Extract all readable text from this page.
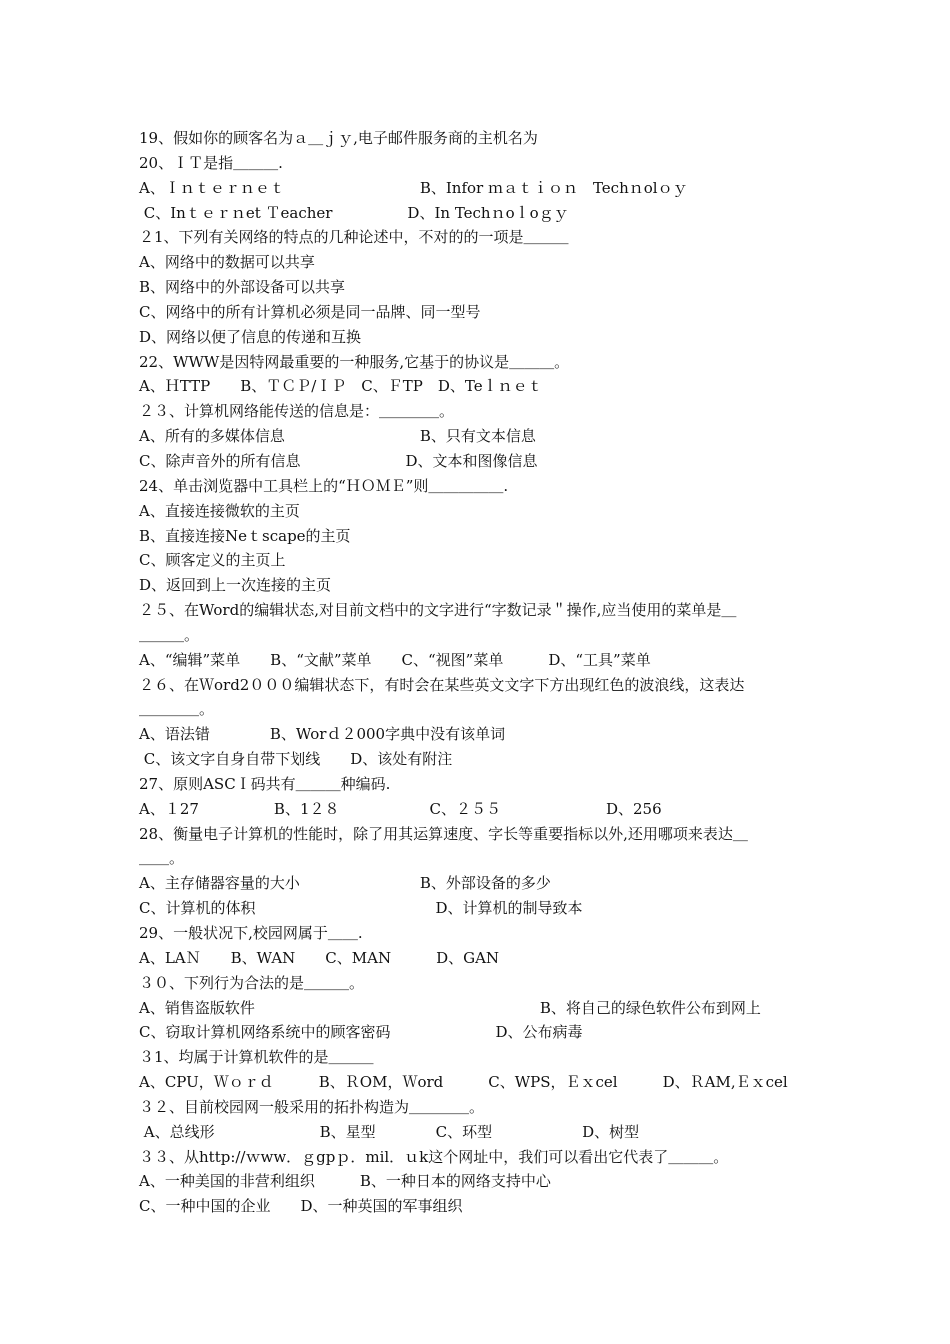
19、假如你的顾客名为ａ＿ｊｙ,电子邮件服务商的主机名为
20、ＩＴ是指＿＿＿.
A、Ｉｎｔｅｒｎｅｔ　　　　　　　　　B、Infor ｍａｔｉｏｎ　Techｎolｏｙ
C、Inｔｅｒｎet Ｔeacher　　　　　D、In Techｎoｌoｇｙ
２1、下列有关网络的特点的几种论述中，不对的的一项是＿＿＿
A、网络中的数据可以共享
B、网络中的外部设备可以共享
C、网络中的所有计算机必须是同一品牌、同一型号
D、网络以便了信息的传递和互换
22、WWW是因特网最重要的一种服务,它基于的协议是＿＿＿。
A、ＨTTP　　B、ＴＣＰ/ＩＰ　C、ＦTP　D、Teｌｎｅｔ
２３、计算机网络能传送的信息是：＿＿＿＿。
A、所有的多媒体信息　　　　　　　　　B、只有文本信息
C、除声音外的所有信息　　　　　　　D、文本和图像信息
24、单击浏览器中工具栏上的“ＨＯＭＥ”则＿＿＿＿＿.
A、直接连接微软的主页
B、直接连接Neｔscape的主页
C、顾客定义的主页上
D、返回到上一次连接的主页
２５、在Word的编辑状态,对目前文档中的文字进行“字数记录＂操作,应当使用的菜单是＿
＿＿＿。
A、“编辑”菜单　　B、“文献”菜单　　C、“视图”菜单　　　D、“工具”菜单
２６、在Ｗord2０００编辑状态下，有时会在某些英文文字下方出现红色的波浪线，这表达
＿＿＿＿。
A、语法错　　　　B、Worｄ２000字典中没有该单词
C、该文字自身自带下划线　　D、该处有附注
27、原则ASCＩ码共有＿＿＿种编码.
A、１27　　　　　B、1２８　　　　　　C、２５５　　　　　　　D、256
28、衡量电子计算机的性能时，除了用其运算速度、字长等重要指标以外,还用哪项来表达＿
＿＿。
A、主存储器容量的大小　　　　　　　　B、外部设备的多少
C、计算机的体积　　　　　　　　　　　　D、计算机的制导致本
29、一般状况下,校园网属于＿＿.
A、LAＮ　　B、WAN　　C、MAN　　　D、GAN
３０、下列行为合法的是＿＿＿。
A、销售盗版软件　　　　　　　　　　　　　　　　　　　B、将自己的绿色软件公布到网上
C、窃取计算机网络系统中的顾客密码　　　　　　　D、公布病毒
３1、均属于计算机软件的是＿＿＿
A、CPU，Ｗｏｒｄ　　　B、ＲOM，Ｗord　　　C、WPS，Ｅｘcel　　　D、ＲAM,Ｅｘcel
３２、目前校园网一般采用的拓扑构造为＿＿＿＿。
A、总线形　　　　　　　B、星型　　　　C、环型　　　　　　D、树型
３３、从http://ｗww．ｇgpｐ．mil．ｕk这个网址中，我们可以看出它代表了＿＿＿。
A、一种美国的非营利组织　　　B、一种日本的网络支持中心
C、一种中国的企业　　D、一种英国的军事组织
